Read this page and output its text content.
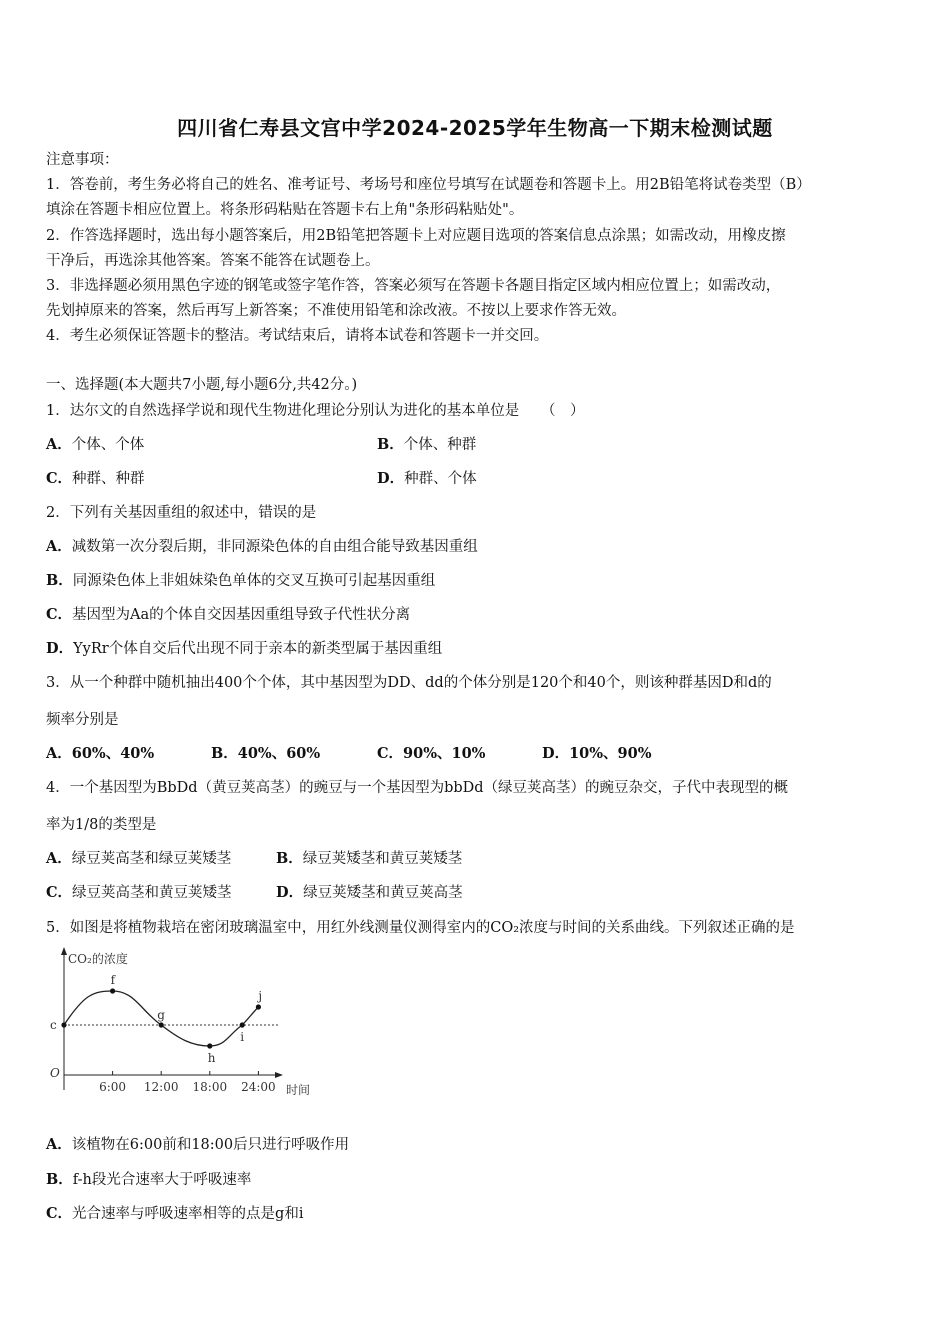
四川省仁寿县文宫中学2024-2025学年生物高一下期末检测试题
注意事项：
1．答卷前，考生务必将自己的姓名、准考证号、考场号和座位号填写在试题卷和答题卡上。用2B铅笔将试卷类型（B）
填涂在答题卡相应位置上。将条形码粘贴在答题卡右上角"条形码粘贴处"。
2．作答选择题时，选出每小题答案后，用2B铅笔把答题卡上对应题目选项的答案信息点涂黑；如需改动，用橡皮擦
干净后，再选涂其他答案。答案不能答在试题卷上。
3．非选择题必须用黑色字迹的钢笔或签字笔作答，答案必须写在答题卡各题目指定区域内相应位置上；如需改动，
先划掉原来的答案，然后再写上新答案；不准使用铅笔和涂改液。不按以上要求作答无效。
4．考生必须保证答题卡的整洁。考试结束后，请将本试卷和答题卡一并交回。
一、选择题(本大题共7小题,每小题6分,共42分。)
1．达尔文的自然选择学说和现代生物进化理论分别认为进化的基本单位是　　（　）
A．个体、个体	B．个体、种群
C．种群、种群	D．种群、个体
2．下列有关基因重组的叙述中，错误的是
A．减数第一次分裂后期，非同源染色体的自由组合能导致基因重组
B．同源染色体上非姐妹染色单体的交叉互换可引起基因重组
C．基因型为Aa的个体自交因基因重组导致子代性状分离
D．YyRr个体自交后代出现不同于亲本的新类型属于基因重组
3．从一个种群中随机抽出400个个体，其中基因型为DD、dd的个体分别是120个和40个，则该种群基因D和d的
频率分别是
A．60%、40%	B．40%、60%	C．90%、10%	D．10%、90%
4．一个基因型为BbDd（黄豆荚高茎）的豌豆与一个基因型为bbDd（绿豆荚高茎）的豌豆杂交，子代中表现型的概
率为1/8的类型是
A．绿豆荚高茎和绿豆荚矮茎	B．绿豆荚矮茎和黄豆荚矮茎
C．绿豆荚高茎和黄豆荚矮茎	D．绿豆荚矮茎和黄豆荚高茎
5．如图是将植物栽培在密闭玻璃温室中，用红外线测量仪测得室内的CO₂浓度与时间的关系曲线。下列叙述正确的是
CO₂的浓度
时间
O
c
6:00 12:00 18:00 24:00
f
g
h
i
j
A．该植物在6:00前和18:00后只进行呼吸作用
B．f-h段光合速率大于呼吸速率
C．光合速率与呼吸速率相等的点是g和i
